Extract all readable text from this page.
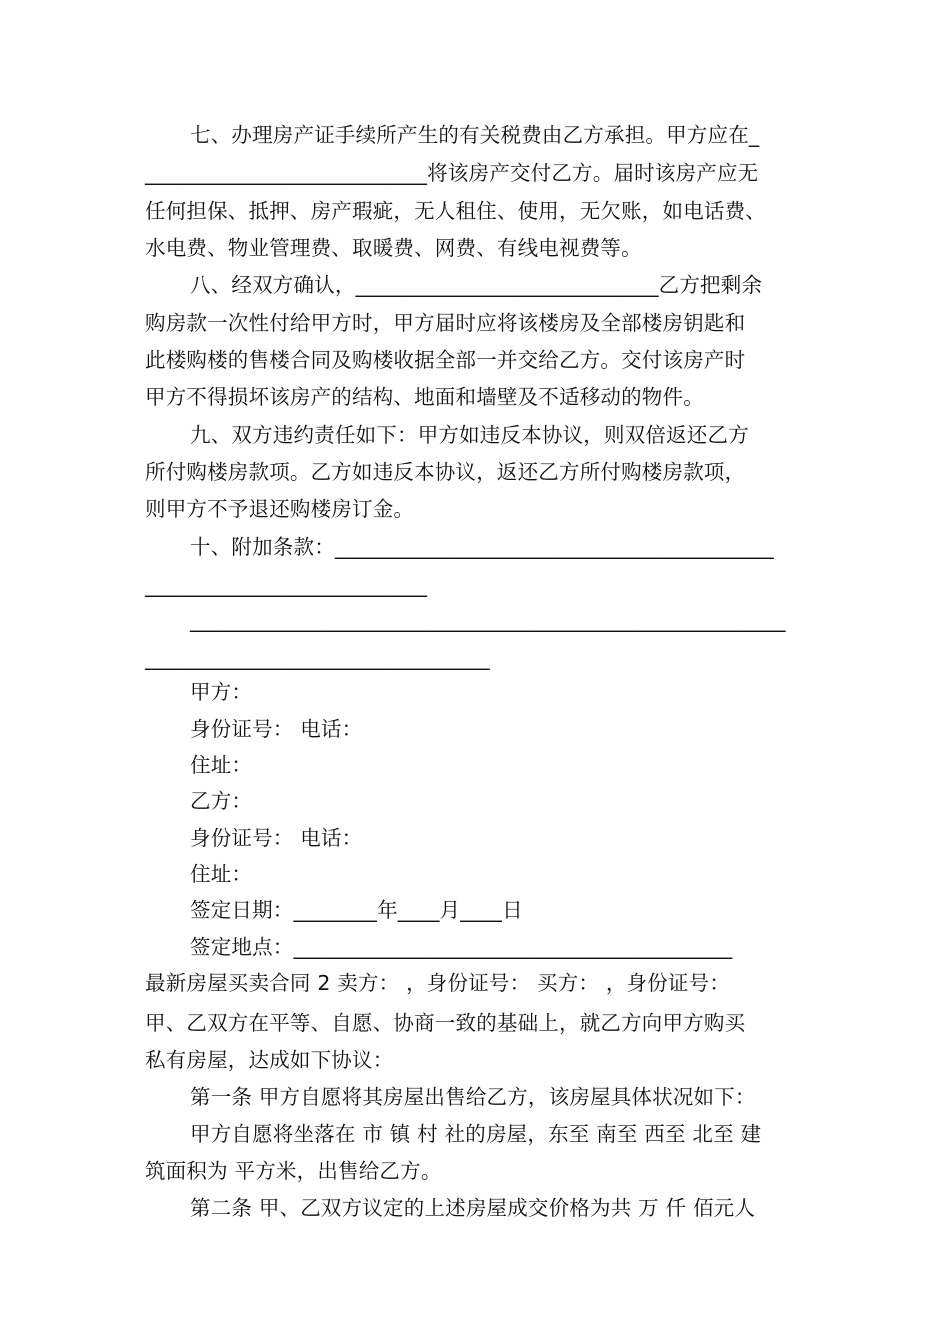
七、办理房产证手续所产生的有关税费由乙方承担。甲方应在_
___________________________将该房产交付乙方。届时该房产应无
任何担保、抵押、房产瑕疵，无人租住、使用，无欠账，如电话费、
水电费、物业管理费、取暖费、网费、有线电视费等。
八、经双方确认，_____________________________乙方把剩余
购房款一次性付给甲方时，甲方届时应将该楼房及全部楼房钥匙和
此楼购楼的售楼合同及购楼收据全部一并交给乙方。交付该房产时
甲方不得损坏该房产的结构、地面和墙壁及不适移动的物件。
九、双方违约责任如下：甲方如违反本协议，则双倍返还乙方
所付购楼房款项。乙方如违反本协议，返还乙方所付购楼房款项，
则甲方不予退还购楼房订金。
十、附加条款：__________________________________________
___________________________
_________________________________________________________
_________________________________
甲方：
身份证号： 电话：
住址：
乙方：
身份证号： 电话：
住址：
签定日期：________年____月____日
签定地点：__________________________________________
最新房屋买卖合同 2 卖方： ，身份证号： 买方： ，身份证号：
甲、乙双方在平等、自愿、协商一致的基础上，就乙方向甲方购买
私有房屋，达成如下协议：
第一条 甲方自愿将其房屋出售给乙方，该房屋具体状况如下：
甲方自愿将坐落在 市 镇 村 社的房屋，东至 南至 西至 北至 建
筑面积为 平方米，出售给乙方。
第二条 甲、乙双方议定的上述房屋成交价格为共 万 仟 佰元人
